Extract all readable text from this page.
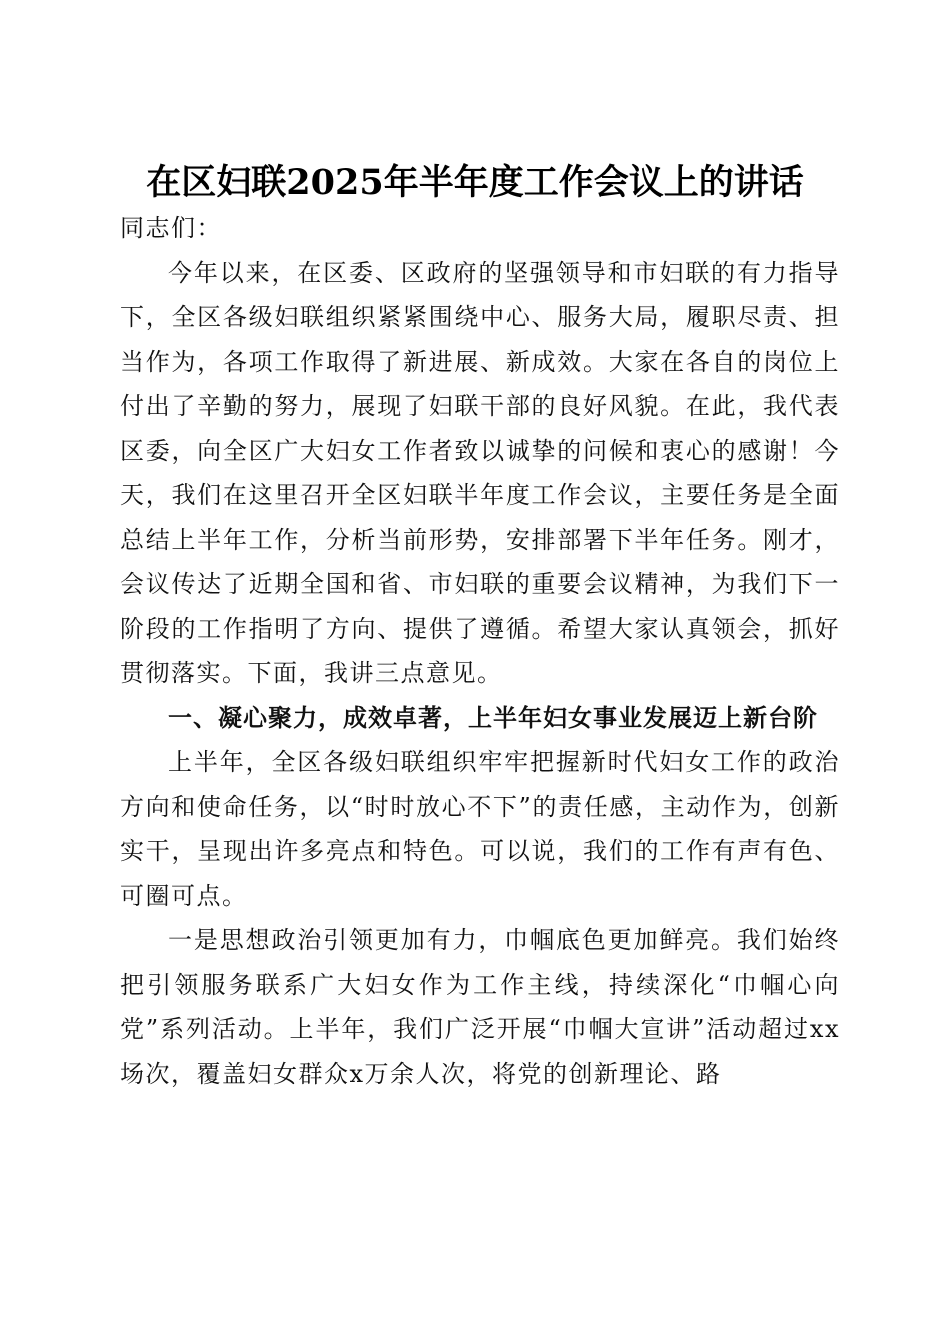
在区妇联2025年半年度工作会议上的讲话

同志们：

今年以来，在区委、区政府的坚强领导和市妇联的有力指导下，全区各级妇联组织紧紧围绕中心、服务大局，履职尽责、担当作为，各项工作取得了新进展、新成效。大家在各自的岗位上付出了辛勤的努力，展现了妇联干部的良好风貌。在此，我代表区委，向全区广大妇女工作者致以诚挚的问候和衷心的感谢！今天，我们在这里召开全区妇联半年度工作会议，主要任务是全面总结上半年工作，分析当前形势，安排部署下半年任务。刚才，会议传达了近期全国和省、市妇联的重要会议精神，为我们下一阶段的工作指明了方向、提供了遵循。希望大家认真领会，抓好贯彻落实。下面，我讲三点意见。

一、凝心聚力，成效卓著，上半年妇女事业发展迈上新台阶

上半年，全区各级妇联组织牢牢把握新时代妇女工作的政治方向和使命任务，以“时时放心不下”的责任感，主动作为，创新实干，呈现出许多亮点和特色。可以说，我们的工作有声有色、可圈可点。

一是思想政治引领更加有力，巾帼底色更加鲜亮。我们始终把引领服务联系广大妇女作为工作主线，持续深化“巾帼心向党”系列活动。上半年，我们广泛开展“巾帼大宣讲”活动超过xx场次，覆盖妇女群众x万余人次，将党的创新理论、路
